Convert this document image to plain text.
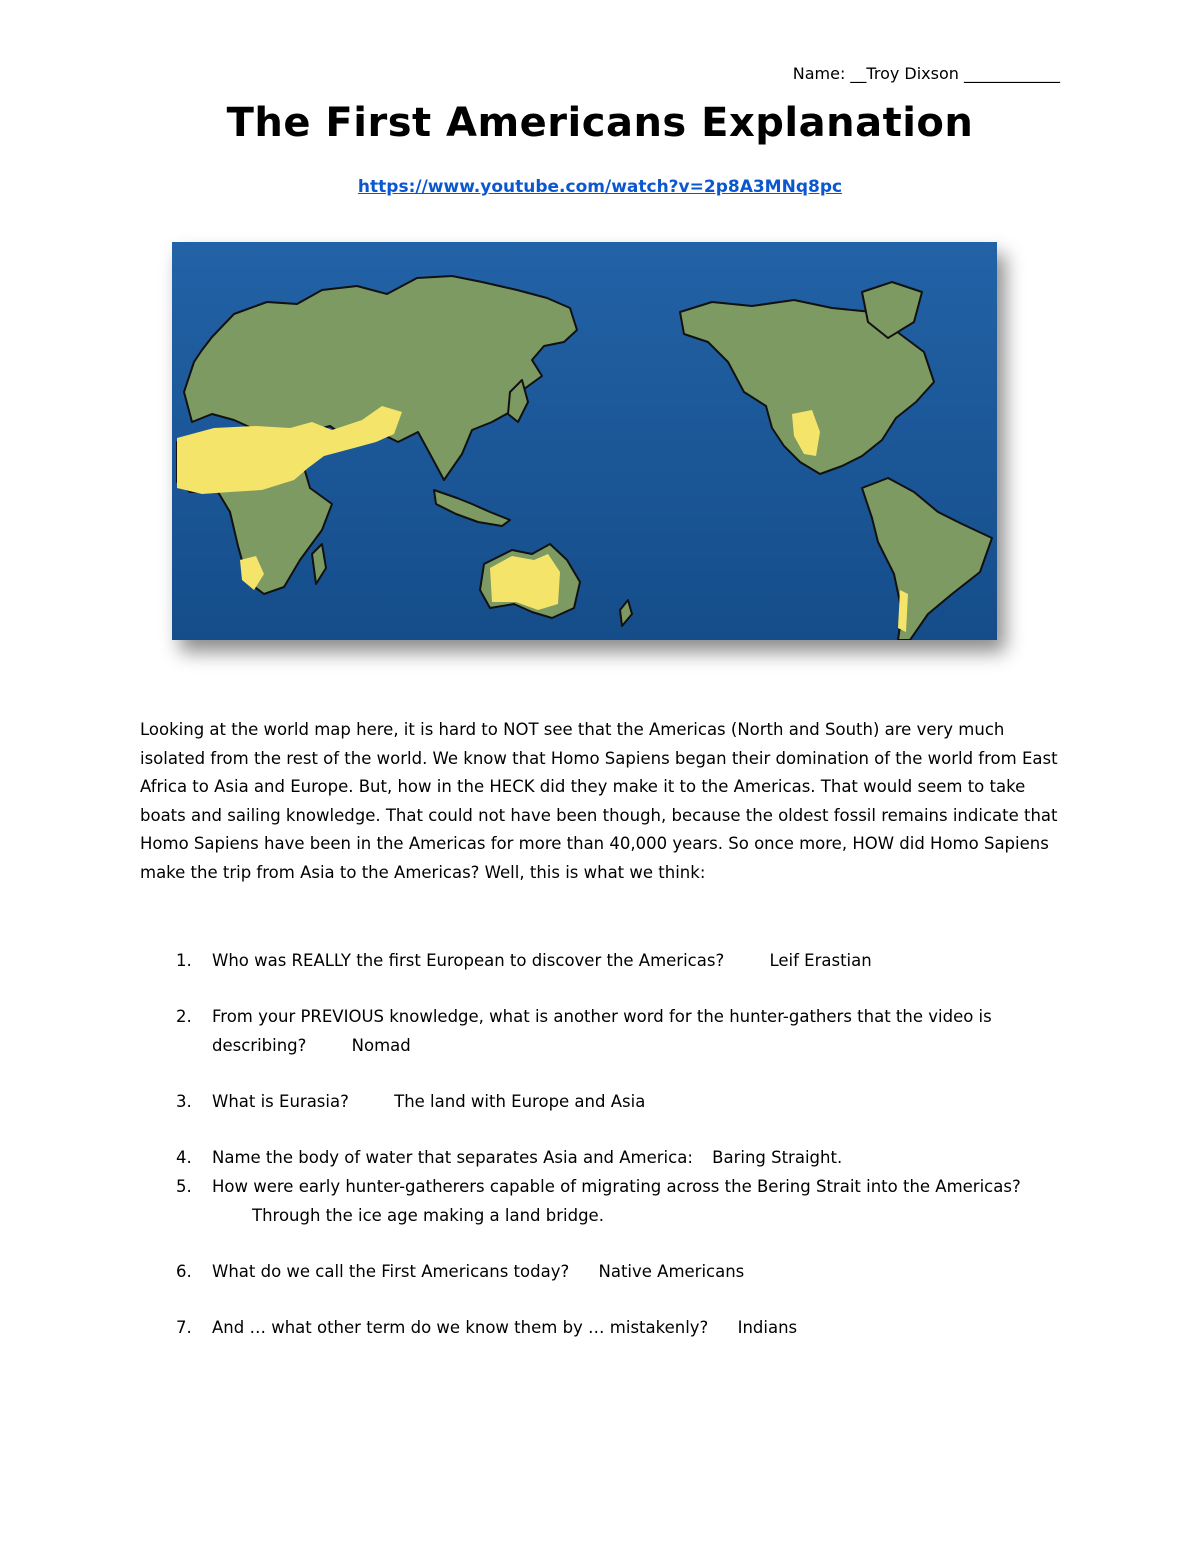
Name: __Troy Dixson ____________
The First Americans Explanation
https://www.youtube.com/watch?v=2p8A3MNq8pc
Looking at the world map here, it is hard to NOT see that the Americas (North and South) are very much isolated from the rest of the world. We know that Homo Sapiens began their domination of the world from East Africa to Asia and Europe. But, how in the HECK did they make it to the Americas. That would seem to take boats and sailing knowledge. That could not have been though, because the oldest fossil remains indicate that Homo Sapiens have been in the Americas for more than 40,000 years. So once more, HOW did Homo Sapiens make the trip from Asia to the Americas? Well, this is what we think:
1. Who was REALLY the first European to discover the Americas?	Leif Erastian
2. From your PREVIOUS knowledge, what is another word for the hunter-gathers that the video is describing?	Nomad
3. What is Eurasia?	The land with Europe and Asia
4. Name the body of water that separates Asia and America: Baring Straight.
5. How were early hunter-gatherers capable of migrating across the Bering Strait into the Americas? Through the ice age making a land bridge.
6. What do we call the First Americans today? Native Americans
7. And … what other term do we know them by … mistakenly? Indians
